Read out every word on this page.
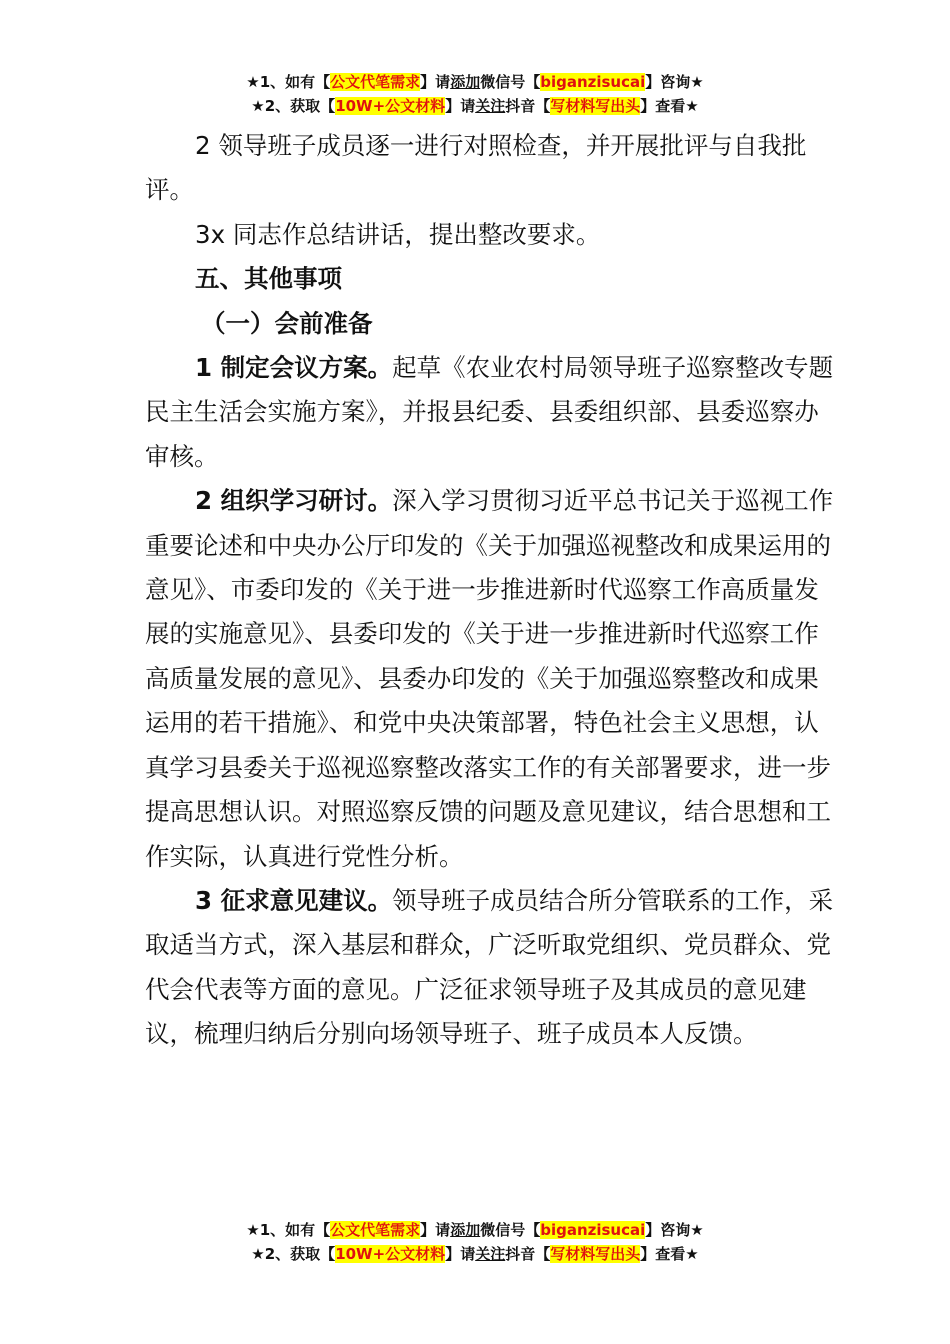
★1、如有【公文代笔需求】请添加微信号【biganzisucai】咨询★
★2、获取【10W+公文材料】请关注抖音【写材料写出头】查看★

2 领导班子成员逐一进行对照检查，并开展批评与自我批评。

3x 同志作总结讲话，提出整改要求。

五、其他事项

（一）会前准备

1 制定会议方案。起草《农业农村局领导班子巡察整改专题民主生活会实施方案》，并报县纪委、县委组织部、县委巡察办审核。

2 组织学习研讨。深入学习贯彻习近平总书记关于巡视工作重要论述和中央办公厅印发的《关于加强巡视整改和成果运用的意见》、市委印发的《关于进一步推进新时代巡察工作高质量发展的实施意见》、县委印发的《关于进一步推进新时代巡察工作高质量发展的意见》、县委办印发的《关于加强巡察整改和成果运用的若干措施》、和党中央决策部署，特色社会主义思想，认真学习县委关于巡视巡察整改落实工作的有关部署要求，进一步提高思想认识。对照巡察反馈的问题及意见建议，结合思想和工作实际，认真进行党性分析。

3 征求意见建议。领导班子成员结合所分管联系的工作，采取适当方式，深入基层和群众，广泛听取党组织、党员群众、党代会代表等方面的意见。广泛征求领导班子及其成员的意见建议，梳理归纳后分别向场领导班子、班子成员本人反馈。

★1、如有【公文代笔需求】请添加微信号【biganzisucai】咨询★
★2、获取【10W+公文材料】请关注抖音【写材料写出头】查看★
